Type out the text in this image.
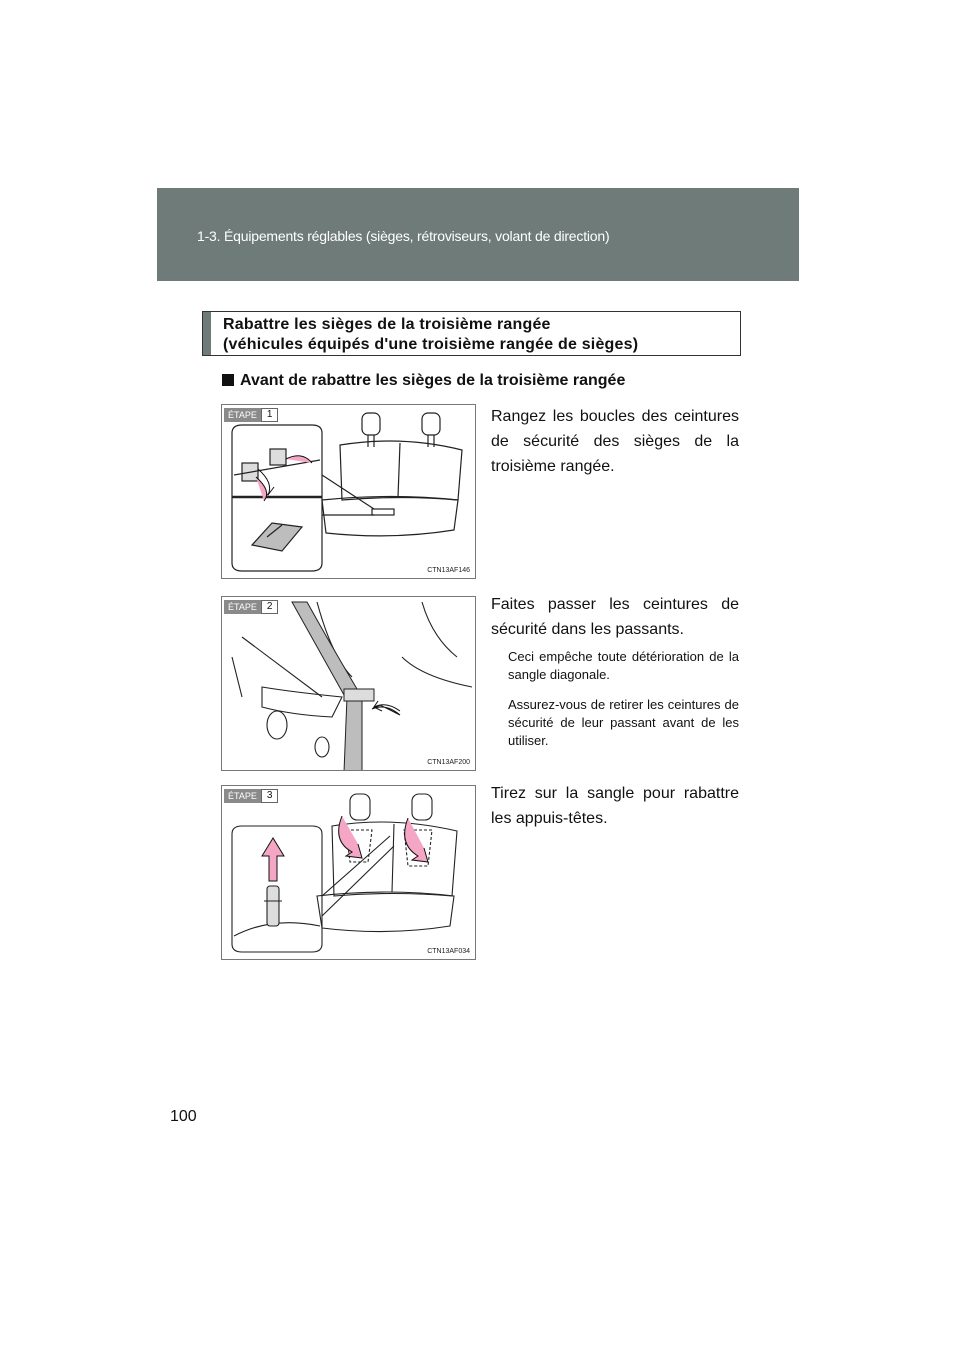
1-3. Équipements réglables (sièges, rétroviseurs, volant de direction)
Rabattre les sièges de la troisième rangée
(véhicules équipés d'une troisième rangée de sièges)
Avant de rabattre les sièges de la troisième rangée
ÉTAPE	1
CTN13AF146
Rangez les boucles des ceintures de sécurité des sièges de la troisième rangée.
ÉTAPE	2
CTN13AF200
Faites passer les ceintures de sécurité dans les passants.
Ceci empêche toute détérioration de la sangle diagonale.
Assurez-vous de retirer les ceintures de sécurité de leur passant avant de les utiliser.
ÉTAPE	3
CTN13AF034
Tirez sur la sangle pour rabattre les appuis-têtes.
100
